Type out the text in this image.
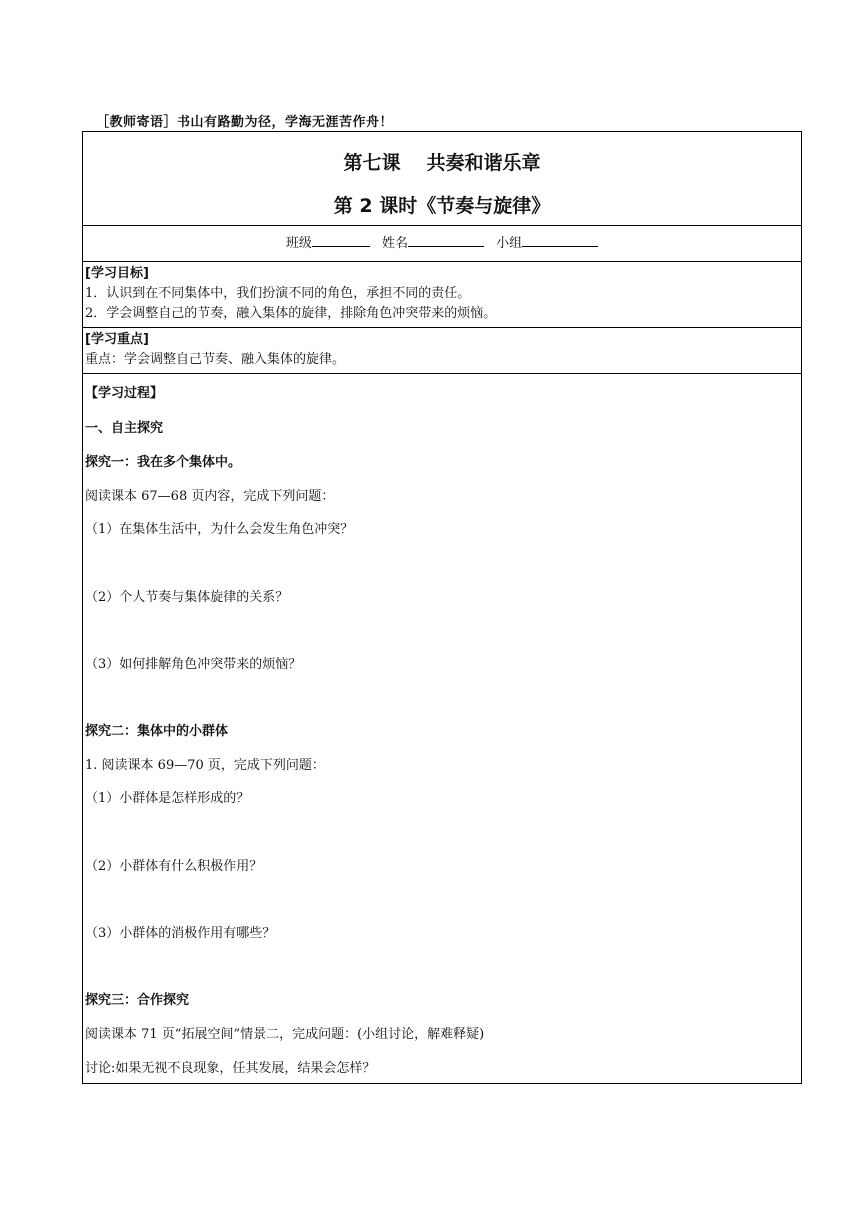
［教师寄语］书山有路勤为径，学海无涯苦作舟！
第七课 共奏和谐乐章
第 2 课时《节奏与旋律》
班级	姓名	小组
[学习目标]
1．认识到在不同集体中，我们扮演不同的角色，承担不同的责任。
2．学会调整自己的节奏，融入集体的旋律，排除角色冲突带来的烦恼。
[学习重点]
重点：学会调整自己节奏、融入集体的旋律。
【学习过程】
一、自主探究
探究一：我在多个集体中。
阅读课本 67—68 页内容，完成下列问题：
（1）在集体生活中，为什么会发生角色冲突？
（2）个人节奏与集体旋律的关系？
（3）如何排解角色冲突带来的烦恼？
探究二：集体中的小群体
1. 阅读课本 69—70 页，完成下列问题：
（1）小群体是怎样形成的？
（2）小群体有什么积极作用？
（3）小群体的消极作用有哪些？
探究三：合作探究
阅读课本 71 页“拓展空间”情景二，完成问题：(小组讨论，解难释疑)
讨论:如果无视不良现象，任其发展，结果会怎样？
